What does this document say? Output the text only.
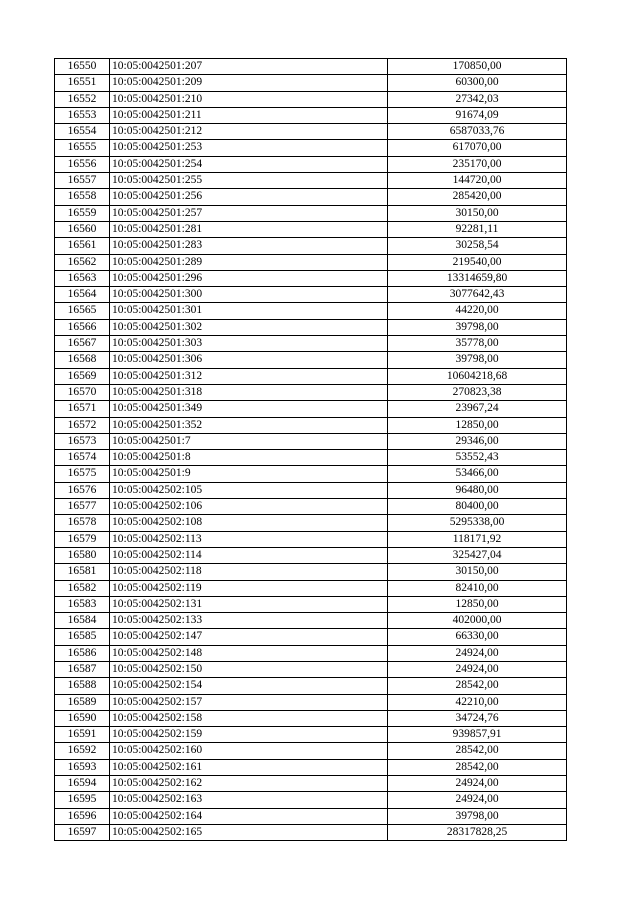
16550	10:05:0042501:207	170850,00
16551	10:05:0042501:209	60300,00
16552	10:05:0042501:210	27342,03
16553	10:05:0042501:211	91674,09
16554	10:05:0042501:212	6587033,76
16555	10:05:0042501:253	617070,00
16556	10:05:0042501:254	235170,00
16557	10:05:0042501:255	144720,00
16558	10:05:0042501:256	285420,00
16559	10:05:0042501:257	30150,00
16560	10:05:0042501:281	92281,11
16561	10:05:0042501:283	30258,54
16562	10:05:0042501:289	219540,00
16563	10:05:0042501:296	13314659,80
16564	10:05:0042501:300	3077642,43
16565	10:05:0042501:301	44220,00
16566	10:05:0042501:302	39798,00
16567	10:05:0042501:303	35778,00
16568	10:05:0042501:306	39798,00
16569	10:05:0042501:312	10604218,68
16570	10:05:0042501:318	270823,38
16571	10:05:0042501:349	23967,24
16572	10:05:0042501:352	12850,00
16573	10:05:0042501:7	29346,00
16574	10:05:0042501:8	53552,43
16575	10:05:0042501:9	53466,00
16576	10:05:0042502:105	96480,00
16577	10:05:0042502:106	80400,00
16578	10:05:0042502:108	5295338,00
16579	10:05:0042502:113	118171,92
16580	10:05:0042502:114	325427,04
16581	10:05:0042502:118	30150,00
16582	10:05:0042502:119	82410,00
16583	10:05:0042502:131	12850,00
16584	10:05:0042502:133	402000,00
16585	10:05:0042502:147	66330,00
16586	10:05:0042502:148	24924,00
16587	10:05:0042502:150	24924,00
16588	10:05:0042502:154	28542,00
16589	10:05:0042502:157	42210,00
16590	10:05:0042502:158	34724,76
16591	10:05:0042502:159	939857,91
16592	10:05:0042502:160	28542,00
16593	10:05:0042502:161	28542,00
16594	10:05:0042502:162	24924,00
16595	10:05:0042502:163	24924,00
16596	10:05:0042502:164	39798,00
16597	10:05:0042502:165	28317828,25
